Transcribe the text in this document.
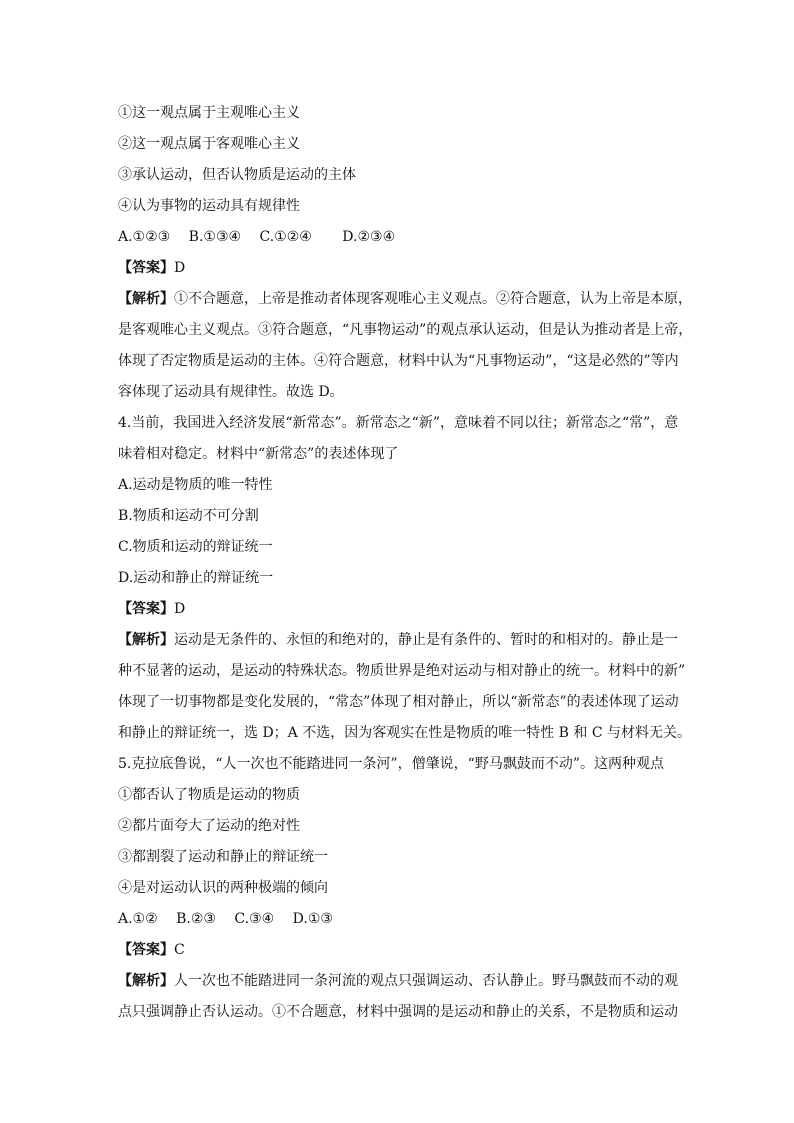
①这一观点属于主观唯心主义
②这一观点属于客观唯心主义
③承认运动，但否认物质是运动的主体
④认为事物的运动具有规律性
A.①②③ B.①③④ C.①②④ D.②③④
【答案】D
【解析】①不合题意，上帝是推动者体现客观唯心主义观点。②符合题意，认为上帝是本原，
是客观唯心主义观点。③符合题意，“凡事物运动”的观点承认运动，但是认为推动者是上帝，
体现了否定物质是运动的主体。④符合题意，材料中认为“凡事物运动”，“这是必然的”等内
容体现了运动具有规律性。故选 D。
4.当前，我国进入经济发展“新常态”。新常态之“新”，意味着不同以往；新常态之“常”，意
味着相对稳定。材料中“新常态”的表述体现了
A.运动是物质的唯一特性
B.物质和运动不可分割
C.物质和运动的辩证统一
D.运动和静止的辩证统一
【答案】D
【解析】运动是无条件的、永恒的和绝对的，静止是有条件的、暂时的和相对的。静止是一
种不显著的运动，是运动的特殊状态。物质世界是绝对运动与相对静止的统一。材料中的新”
体现了一切事物都是变化发展的，“常态”体现了相对静止，所以“新常态”的表述体现了运动
和静止的辩证统一，选 D；A 不选，因为客观实在性是物质的唯一特性 B 和 C 与材料无关。
5.克拉底鲁说，“人一次也不能踏进同一条河”，僧肇说，“野马飘鼓而不动”。这两种观点
①都否认了物质是运动的物质
②都片面夸大了运动的绝对性
③都割裂了运动和静止的辩证统一
④是对运动认识的两种极端的倾向
A.①② B.②③ C.③④ D.①③
【答案】C
【解析】人一次也不能踏进同一条河流的观点只强调运动、否认静止。野马飘鼓而不动的观
点只强调静止否认运动。①不合题意，材料中强调的是运动和静止的关系，不是物质和运动
